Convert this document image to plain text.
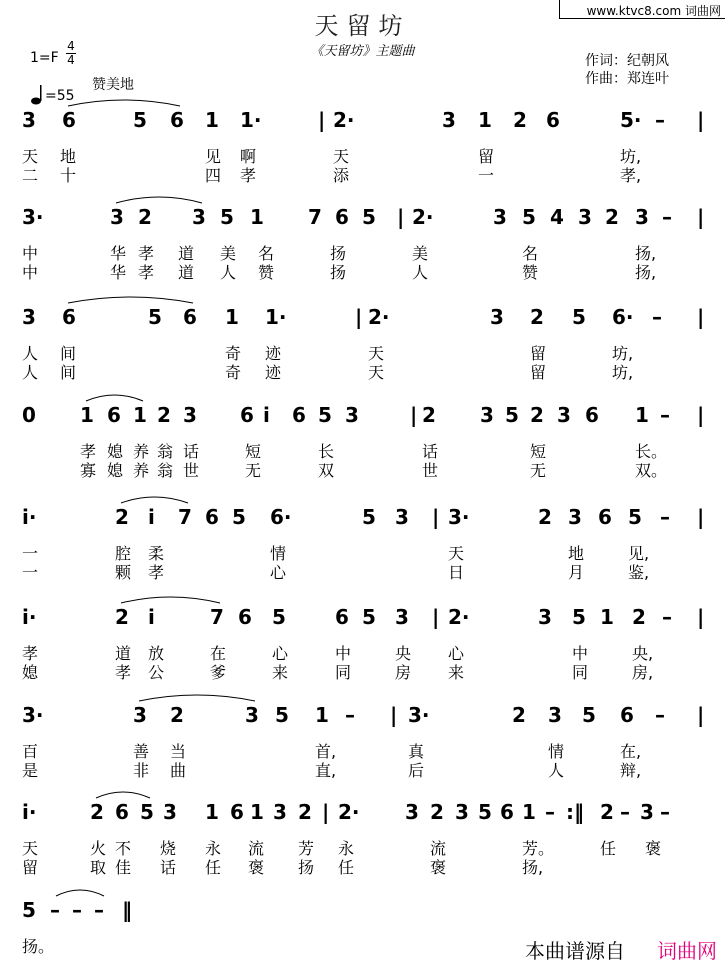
www.ktvc8.com 词曲网
天留坊
《天留坊》主题曲
1=F
4
4
赞美地
=55
作词：纪朝风
作曲：郑连叶
3 6	5 6 1 1·	| 2·	3 1 2 6	5· – |
天 地	见 啊	天	留	坊,
二 十	四 孝	添	一	孝,
3·	3 2 3 5 1 7 6 5 | 2·	3 5 4 3 2 3 – |
中	华 孝 道 美 名	扬	美	名	扬,
中	华 孝 道 人 赞	扬	人	赞	扬,
3 6	5 6 1 1·	| 2·	3 2 5 6· – |
人 间	奇 迹	天	留	坊,
人 间	奇 迹	天	留	坊,
0 1 6 1 2 3 6 i 6 5 3	| 2 3 5 2 3 6 1 – |
孝 媳 养 翁 话	短	长	话	短	长。
寡 媳 养 翁 世	无	双	世	无	双。
i·	2 i 7 6 5 6·	5 3 | 3·	2 3 6 5 – |
一	腔 柔	情	天	地	见,
一	颗 孝	心	日	月	鉴,
i·	2 i	7 6 5 6 5 3 | 2·	3 5 1 2 – |
孝	道 放	在	心	中	央 心	中	央,
媳	孝 公	爹	来	同	房 来	同	房,
3·	3 2	3 5 1 – | 3·	2 3 5 6 – |
百	善 当	首,	真	情	在,
是	非 曲	直,	后	人	辩,
i·	2 6 5 3 1 6 1 3 2 | 2· 3 2 3 5 6 1 – :‖ 2 – 3 –
天	火 不 烧 永 流 芳 永	流	芳。	任 褒
留	取 佳 话 任 褒 扬 任	褒	扬,
5 – – – ‖
扬。	本曲谱源自 词曲网
